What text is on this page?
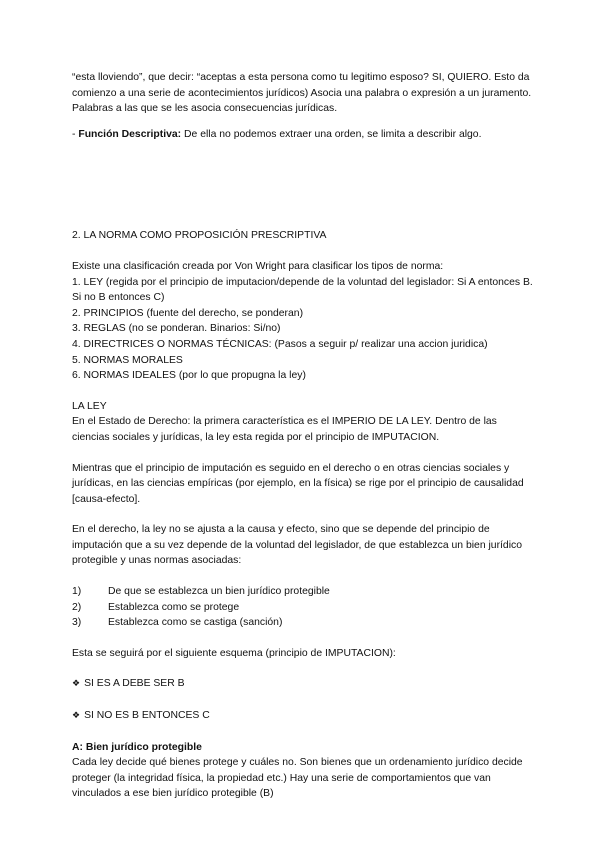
“esta lloviendo”, que decir: “aceptas a esta persona como tu legitimo esposo? SI, QUIERO. Esto da comienzo a una serie de acontecimientos jurídicos) Asocia una palabra o expresión a un juramento. Palabras a las que se les asocia consecuencias jurídicas.

- Función Descriptiva: De ella no podemos extraer una orden, se limita a describir algo.

2. LA NORMA COMO PROPOSICIÓN PRESCRIPTIVA

Existe una clasificación creada por Von Wright para clasificar los tipos de norma:

1. LEY (regida por el principio de imputacion/depende de la voluntad del legislador: Si A entonces B. Si no B entonces C)

2. PRINCIPIOS (fuente del derecho, se ponderan)

3. REGLAS (no se ponderan. Binarios: Si/no)

4. DIRECTRICES O NORMAS TÉCNICAS: (Pasos a seguir p/ realizar una accion juridica)

5. NORMAS MORALES

6. NORMAS IDEALES (por lo que propugna la ley)

LA LEY

En el Estado de Derecho: la primera característica es el IMPERIO DE LA LEY. Dentro de las ciencias sociales y jurídicas, la ley esta regida por el principio de IMPUTACION.

Mientras que el principio de imputación es seguido en el derecho o en otras ciencias sociales y jurídicas, en las ciencias empíricas (por ejemplo, en la física) se rige por el principio de causalidad [causa-efecto].

En el derecho, la ley no se ajusta a la causa y efecto, sino que se depende del principio de imputación que a su vez depende de la voluntad del legislador, de que establezca un bien jurídico protegible y unas normas asociadas:

1)	De que se establezca un bien jurídico protegible
2)	Establezca como se protege
3)	Establezca como se castiga (sanción)

Esta se seguirá por el siguiente esquema (principio de IMPUTACION):

❖ SI ES A DEBE SER B
❖ SI NO ES B ENTONCES C

A: Bien jurídico protegible

Cada ley decide qué bienes protege y cuáles no. Son bienes que un ordenamiento jurídico decide proteger (la integridad física, la propiedad etc.) Hay una serie de comportamientos que van vinculados a ese bien jurídico protegible (B)
